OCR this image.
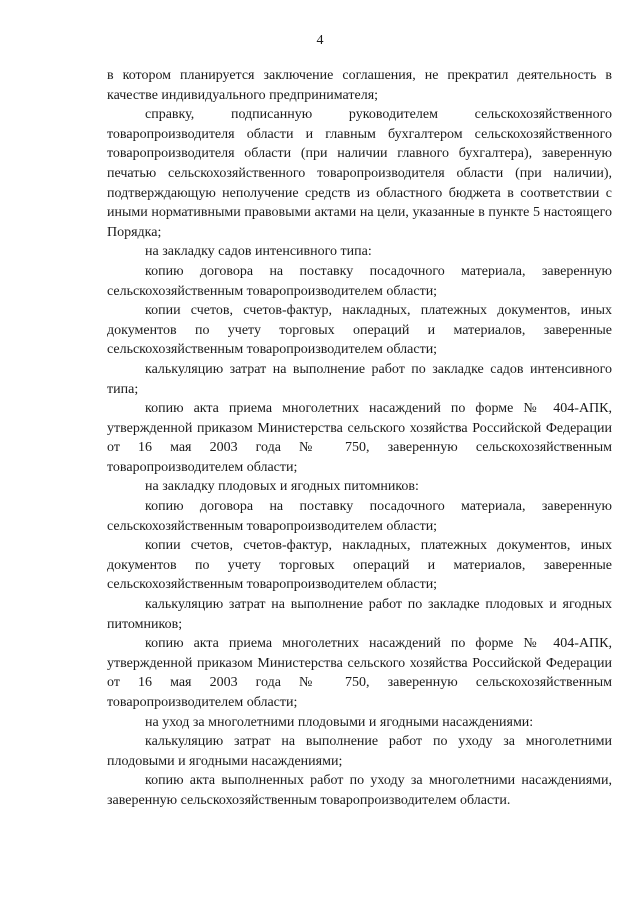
4

в котором планируется заключение соглашения, не прекратил деятельность в качестве индивидуального предпринимателя;

справку, подписанную руководителем сельскохозяйственного товаропроизводителя области и главным бухгалтером сельскохозяйственного товаропроизводителя области (при наличии главного бухгалтера), заверенную печатью сельскохозяйственного товаропроизводителя области (при наличии), подтверждающую неполучение средств из областного бюджета в соответствии с иными нормативными правовыми актами на цели, указанные в пункте 5 настоящего Порядка;

на закладку садов интенсивного типа:

копию договора на поставку посадочного материала, заверенную сельскохозяйственным товаропроизводителем области;

копии счетов, счетов-фактур, накладных, платежных документов, иных документов по учету торговых операций и материалов, заверенные сельскохозяйственным товаропроизводителем области;

калькуляцию затрат на выполнение работ по закладке садов интенсивного типа;

копию акта приема многолетних насаждений по форме № 404-АПК, утвержденной приказом Министерства сельского хозяйства Российской Федерации от 16 мая 2003 года № 750, заверенную сельскохозяйственным товаропроизводителем области;

на закладку плодовых и ягодных питомников:

копию договора на поставку посадочного материала, заверенную сельскохозяйственным товаропроизводителем области;

копии счетов, счетов-фактур, накладных, платежных документов, иных документов по учету торговых операций и материалов, заверенные сельскохозяйственным товаропроизводителем области;

калькуляцию затрат на выполнение работ по закладке плодовых и ягодных питомников;

копию акта приема многолетних насаждений по форме № 404-АПК, утвержденной приказом Министерства сельского хозяйства Российской Федерации от 16 мая 2003 года № 750, заверенную сельскохозяйственным товаропроизводителем области;

на уход за многолетними плодовыми и ягодными насаждениями:

калькуляцию затрат на выполнение работ по уходу за многолетними плодовыми и ягодными насаждениями;

копию акта выполненных работ по уходу за многолетними насаждениями, заверенную сельскохозяйственным товаропроизводителем области.
